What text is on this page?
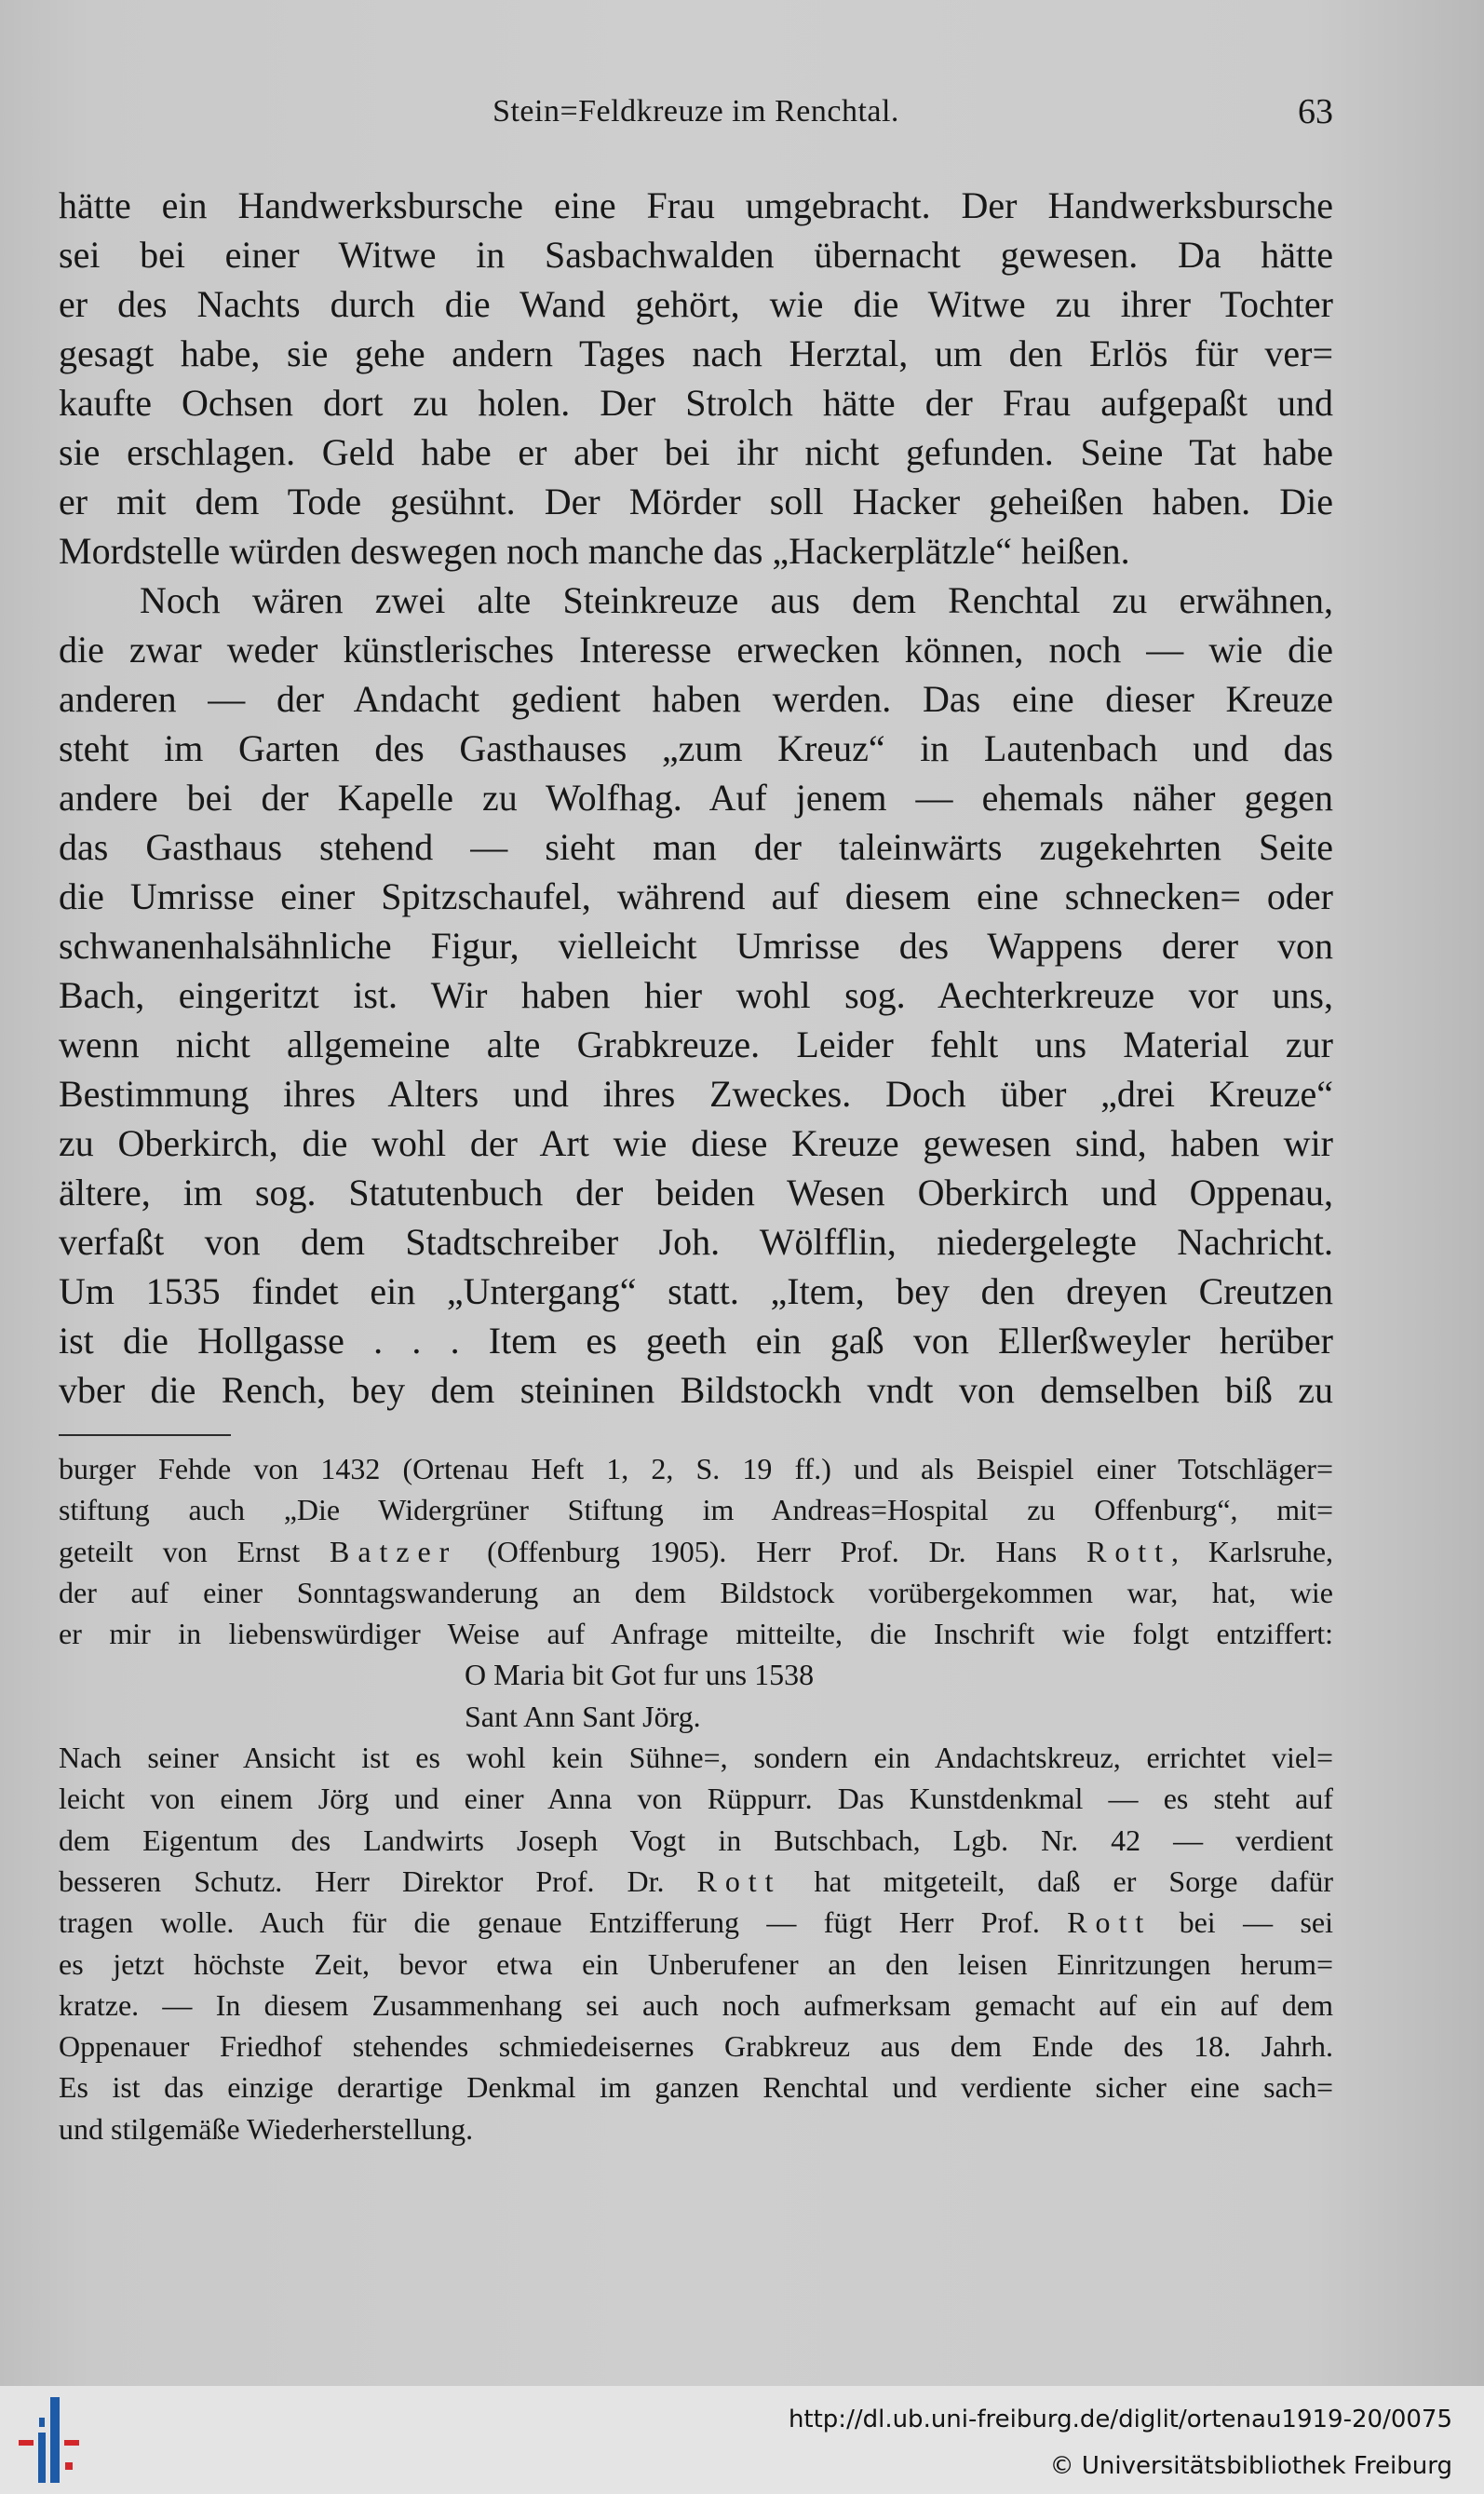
Stein=Feldkreuze im Renchtal.	63
hätte ein Handwerksbursche eine Frau umgebracht. Der Handwerksbursche
sei bei einer Witwe in Sasbachwalden übernacht gewesen. Da hätte
er des Nachts durch die Wand gehört, wie die Witwe zu ihrer Tochter
gesagt habe, sie gehe andern Tages nach Herztal, um den Erlös für ver=
kaufte Ochsen dort zu holen. Der Strolch hätte der Frau aufgepaßt und
sie erschlagen. Geld habe er aber bei ihr nicht gefunden. Seine Tat habe
er mit dem Tode gesühnt. Der Mörder soll Hacker geheißen haben. Die
Mordstelle würden deswegen noch manche das „Hackerplätzle“ heißen.
Noch wären zwei alte Steinkreuze aus dem Renchtal zu erwähnen,
die zwar weder künstlerisches Interesse erwecken können, noch — wie die
anderen — der Andacht gedient haben werden. Das eine dieser Kreuze
steht im Garten des Gasthauses „zum Kreuz“ in Lautenbach und das
andere bei der Kapelle zu Wolfhag. Auf jenem — ehemals näher gegen
das Gasthaus stehend — sieht man der taleinwärts zugekehrten Seite
die Umrisse einer Spitzschaufel, während auf diesem eine schnecken= oder
schwanenhalsähnliche Figur, vielleicht Umrisse des Wappens derer von
Bach, eingeritzt ist. Wir haben hier wohl sog. Aechterkreuze vor uns,
wenn nicht allgemeine alte Grabkreuze. Leider fehlt uns Material zur
Bestimmung ihres Alters und ihres Zweckes. Doch über „drei Kreuze“
zu Oberkirch, die wohl der Art wie diese Kreuze gewesen sind, haben wir
ältere, im sog. Statutenbuch der beiden Wesen Oberkirch und Oppenau,
verfaßt von dem Stadtschreiber Joh. Wölfflin, niedergelegte Nachricht.
Um 1535 findet ein „Untergang“ statt. „Item, bey den dreyen Creutzen
ist die Hollgasse . . . Item es geeth ein gaß von Ellerßweyler herüber
vber die Rench, bey dem steininen Bildstockh vndt von demselben biß zu
burger Fehde von 1432 (Ortenau Heft 1, 2, S. 19 ff.) und als Beispiel einer Totschläger=
stiftung auch „Die Widergrüner Stiftung im Andreas=Hospital zu Offenburg“, mit=
geteilt von Ernst Batzer (Offenburg 1905). Herr Prof. Dr. Hans Rott, Karlsruhe,
der auf einer Sonntagswanderung an dem Bildstock vorübergekommen war, hat, wie
er mir in liebenswürdiger Weise auf Anfrage mitteilte, die Inschrift wie folgt entziffert:
O Maria bit Got fur uns 1538
Sant Ann Sant Jörg.
Nach seiner Ansicht ist es wohl kein Sühne=, sondern ein Andachtskreuz, errichtet viel=
leicht von einem Jörg und einer Anna von Rüppurr. Das Kunstdenkmal — es steht auf
dem Eigentum des Landwirts Joseph Vogt in Butschbach, Lgb. Nr. 42 — verdient
besseren Schutz. Herr Direktor Prof. Dr. Rott hat mitgeteilt, daß er Sorge dafür
tragen wolle. Auch für die genaue Entzifferung — fügt Herr Prof. Rott bei — sei
es jetzt höchste Zeit, bevor etwa ein Unberufener an den leisen Einritzungen herum=
kratze. — In diesem Zusammenhang sei auch noch aufmerksam gemacht auf ein auf dem
Oppenauer Friedhof stehendes schmiedeisernes Grabkreuz aus dem Ende des 18. Jahrh.
Es ist das einzige derartige Denkmal im ganzen Renchtal und verdiente sicher eine sach=
und stilgemäße Wiederherstellung.
http://dl.ub.uni-freiburg.de/diglit/ortenau1919-20/0075
© Universitätsbibliothek Freiburg
